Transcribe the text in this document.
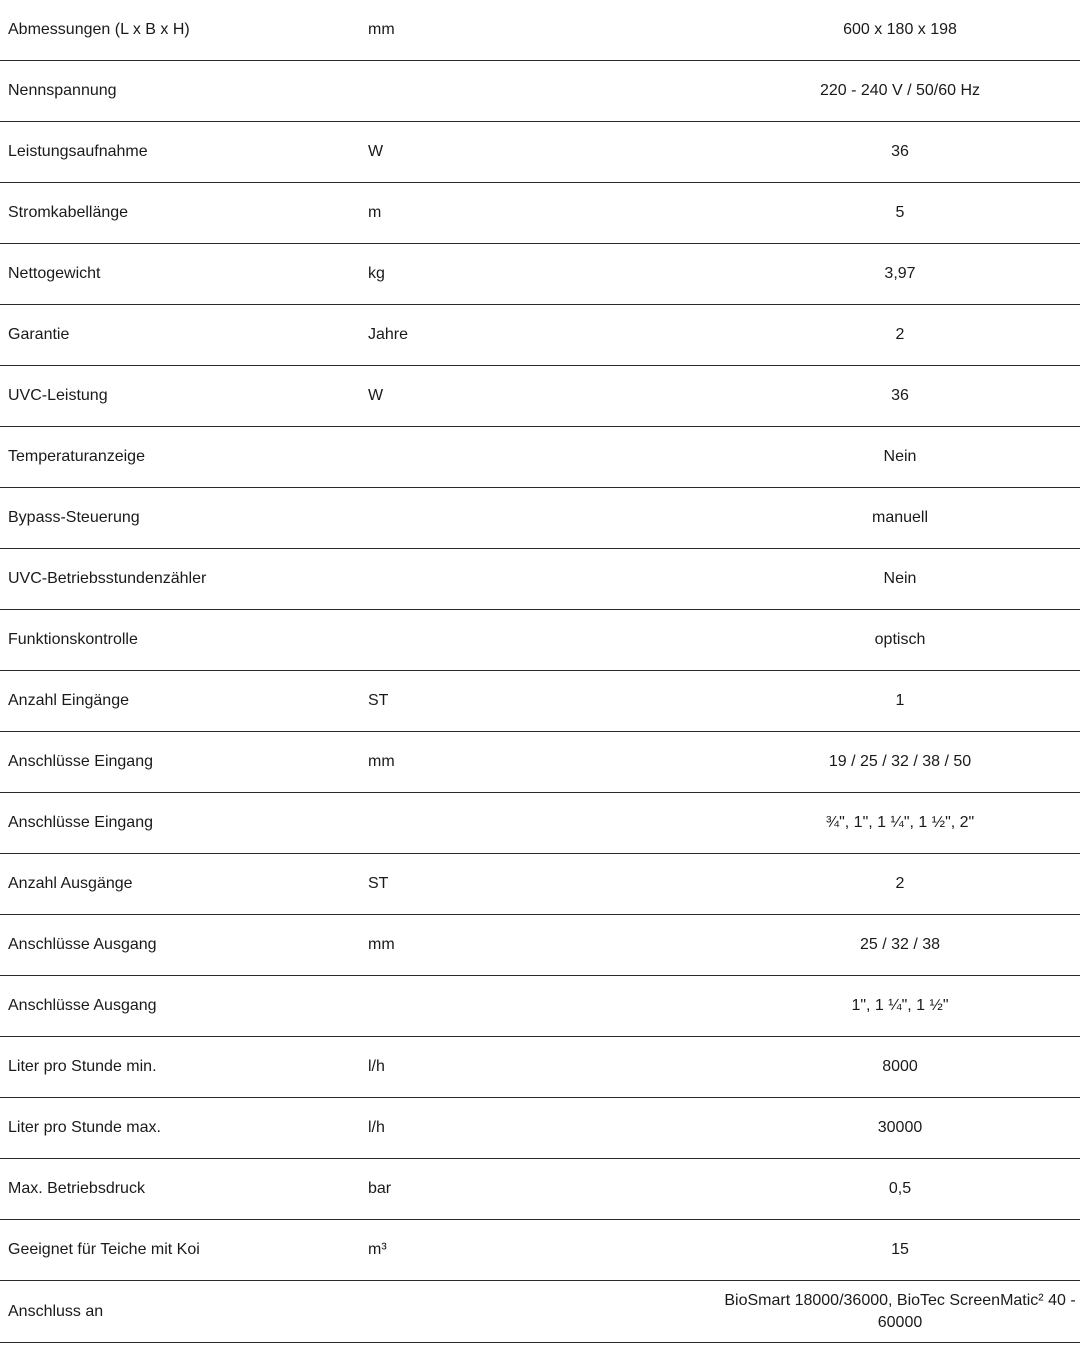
Abmessungen (L x B x H)	mm	600 x 180 x 198
Nennspannung		220 - 240 V / 50/60 Hz
Leistungsaufnahme	W	36
Stromkabellänge	m	5
Nettogewicht	kg	3,97
Garantie	Jahre	2
UVC-Leistung	W	36
Temperaturanzeige		Nein
Bypass-Steuerung		manuell
UVC-Betriebsstundenzähler		Nein
Funktionskontrolle		optisch
Anzahl Eingänge	ST	1
Anschlüsse Eingang	mm	19 / 25 / 32 / 38 / 50
Anschlüsse Eingang		¾", 1", 1 ¼", 1 ½", 2"
Anzahl Ausgänge	ST	2
Anschlüsse Ausgang	mm	25 / 32 / 38
Anschlüsse Ausgang		1", 1 ¼", 1 ½"
Liter pro Stunde min.	l/h	8000
Liter pro Stunde max.	l/h	30000
Max. Betriebsdruck	bar	0,5
Geeignet für Teiche mit Koi	m³	15
Anschluss an		BioSmart 18000/36000, BioTec ScreenMatic² 40 - 60000
